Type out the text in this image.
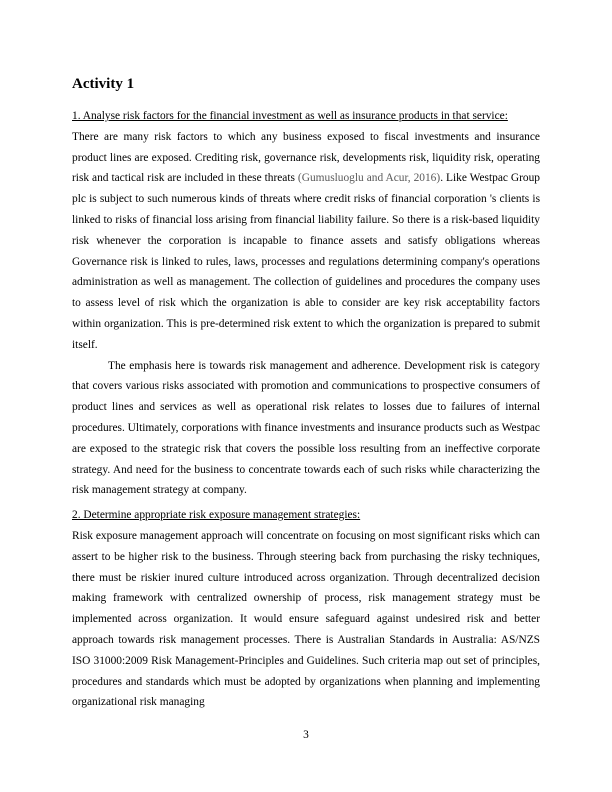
Activity 1
1. Analyse risk factors for the financial investment as well as insurance products in that service:

There are many risk factors to which any business exposed to fiscal investments and insurance product lines are exposed. Crediting risk, governance risk, developments risk, liquidity risk, operating risk and tactical risk are included in these threats (Gumusluoglu and Acur, 2016). Like Westpac Group plc is subject to such numerous kinds of threats where credit risks of financial corporation 's clients is linked to risks of financial loss arising from financial liability failure. So there is a risk-based liquidity risk whenever the corporation is incapable to finance assets and satisfy obligations whereas Governance risk is linked to rules, laws, processes and regulations determining company's operations administration as well as management. The collection of guidelines and procedures the company uses to assess level of risk which the organization is able to consider are key risk acceptability factors within organization. This is pre-determined risk extent to which the organization is prepared to submit itself.

The emphasis here is towards risk management and adherence. Development risk is category that covers various risks associated with promotion and communications to prospective consumers of product lines and services as well as operational risk relates to losses due to failures of internal procedures. Ultimately, corporations with finance investments and insurance products such as Westpac are exposed to the strategic risk that covers the possible loss resulting from an ineffective corporate strategy. And need for the business to concentrate towards each of such risks while characterizing the risk management strategy at company.

2. Determine appropriate risk exposure management strategies:

Risk exposure management approach will concentrate on focusing on most significant risks which can assert to be higher risk to the business. Through steering back from purchasing the risky techniques, there must be riskier inured culture introduced across organization. Through decentralized decision making framework with centralized ownership of process, risk management strategy must be implemented across organization. It would ensure safeguard against undesired risk and better approach towards risk management processes. There is Australian Standards in Australia: AS/NZS ISO 31000:2009 Risk Management-Principles and Guidelines. Such criteria map out set of principles, procedures and standards which must be adopted by organizations when planning and implementing organizational risk managing

3
